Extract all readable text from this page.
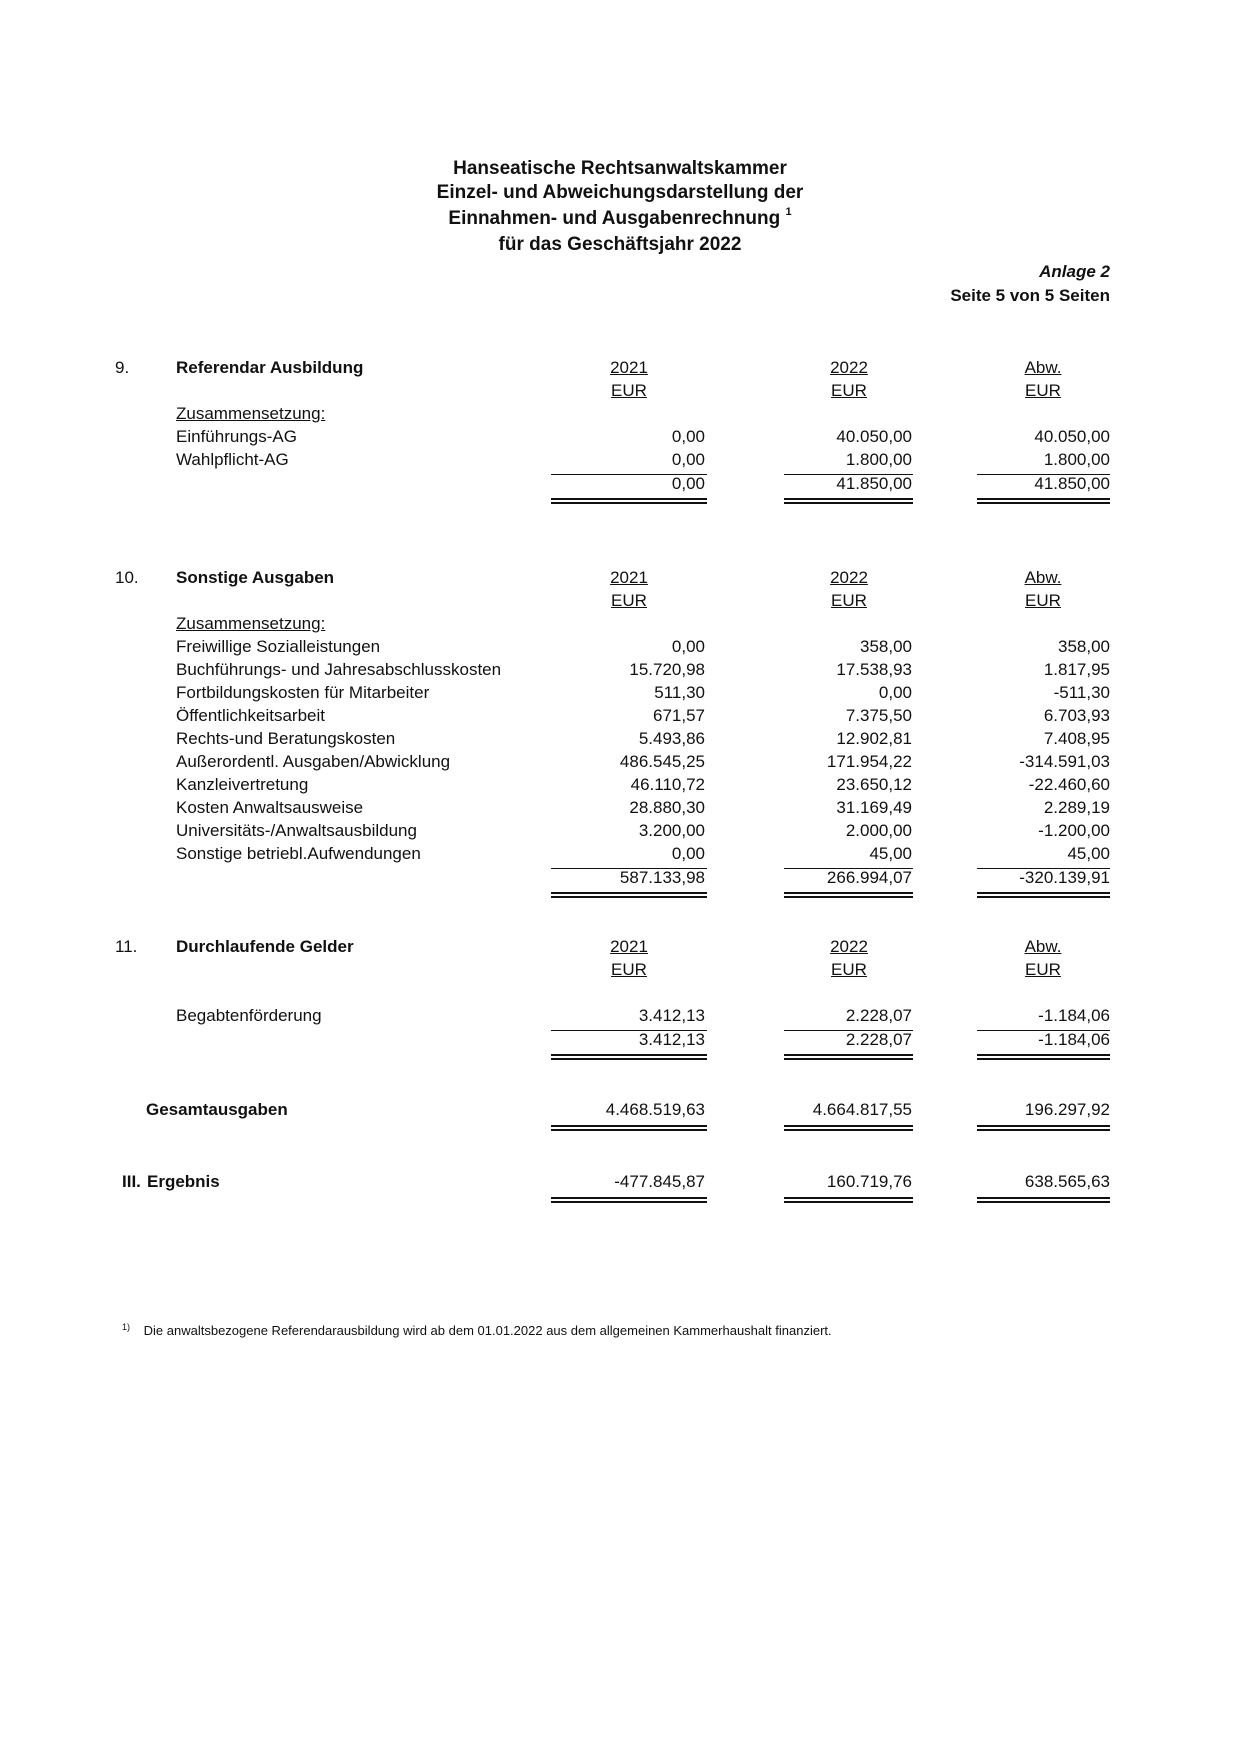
Hanseatische Rechtsanwaltskammer
Einzel- und Abweichungsdarstellung der
Einnahmen- und Ausgabenrechnung $^1$
für das Geschäftsjahr 2022
Anlage 2
Seite 5 von 5 Seiten
9.	Referendar Ausbildung	2021	2022	Abw.
EUR	EUR	EUR
Zusammensetzung:
Einführungs-AG	0,00	40.050,00	40.050,00
Wahlpflicht-AG	0,00	1.800,00	1.800,00
0,00	41.850,00	41.850,00
10. Sonstige Ausgaben	2021	2022	Abw.
EUR	EUR	EUR
Zusammensetzung:
Freiwillige Sozialleistungen	0,00	358,00	358,00
Buchführungs- und Jahresabschlusskosten	15.720,98	17.538,93	1.817,95
Fortbildungskosten für Mitarbeiter	511,30	0,00	-511,30
Öffentlichkeitsarbeit	671,57	7.375,50	6.703,93
Rechts-und Beratungskosten	5.493,86	12.902,81	7.408,95
Außerordentl. Ausgaben/Abwicklung	486.545,25	171.954,22	-314.591,03
Kanzleivertretung	46.110,72	23.650,12	-22.460,60
Kosten Anwaltsausweise	28.880,30	31.169,49	2.289,19
Universitäts-/Anwaltsausbildung	3.200,00	2.000,00	-1.200,00
Sonstige betriebl.Aufwendungen	0,00	45,00	45,00
587.133,98	266.994,07	-320.139,91
11. Durchlaufende Gelder	2021	2022	Abw.
EUR	EUR	EUR
Begabtenförderung	3.412,13	2.228,07	-1.184,06
3.412,13	2.228,07	-1.184,06
Gesamtausgaben	4.468.519,63	4.664.817,55	196.297,92
III. Ergebnis	-477.845,87	160.719,76	638.565,63
$^{1)}$ Die anwaltsbezogene Referendarausbildung wird ab dem 01.01.2022 aus dem allgemeinen Kammerhaushalt finanziert.
